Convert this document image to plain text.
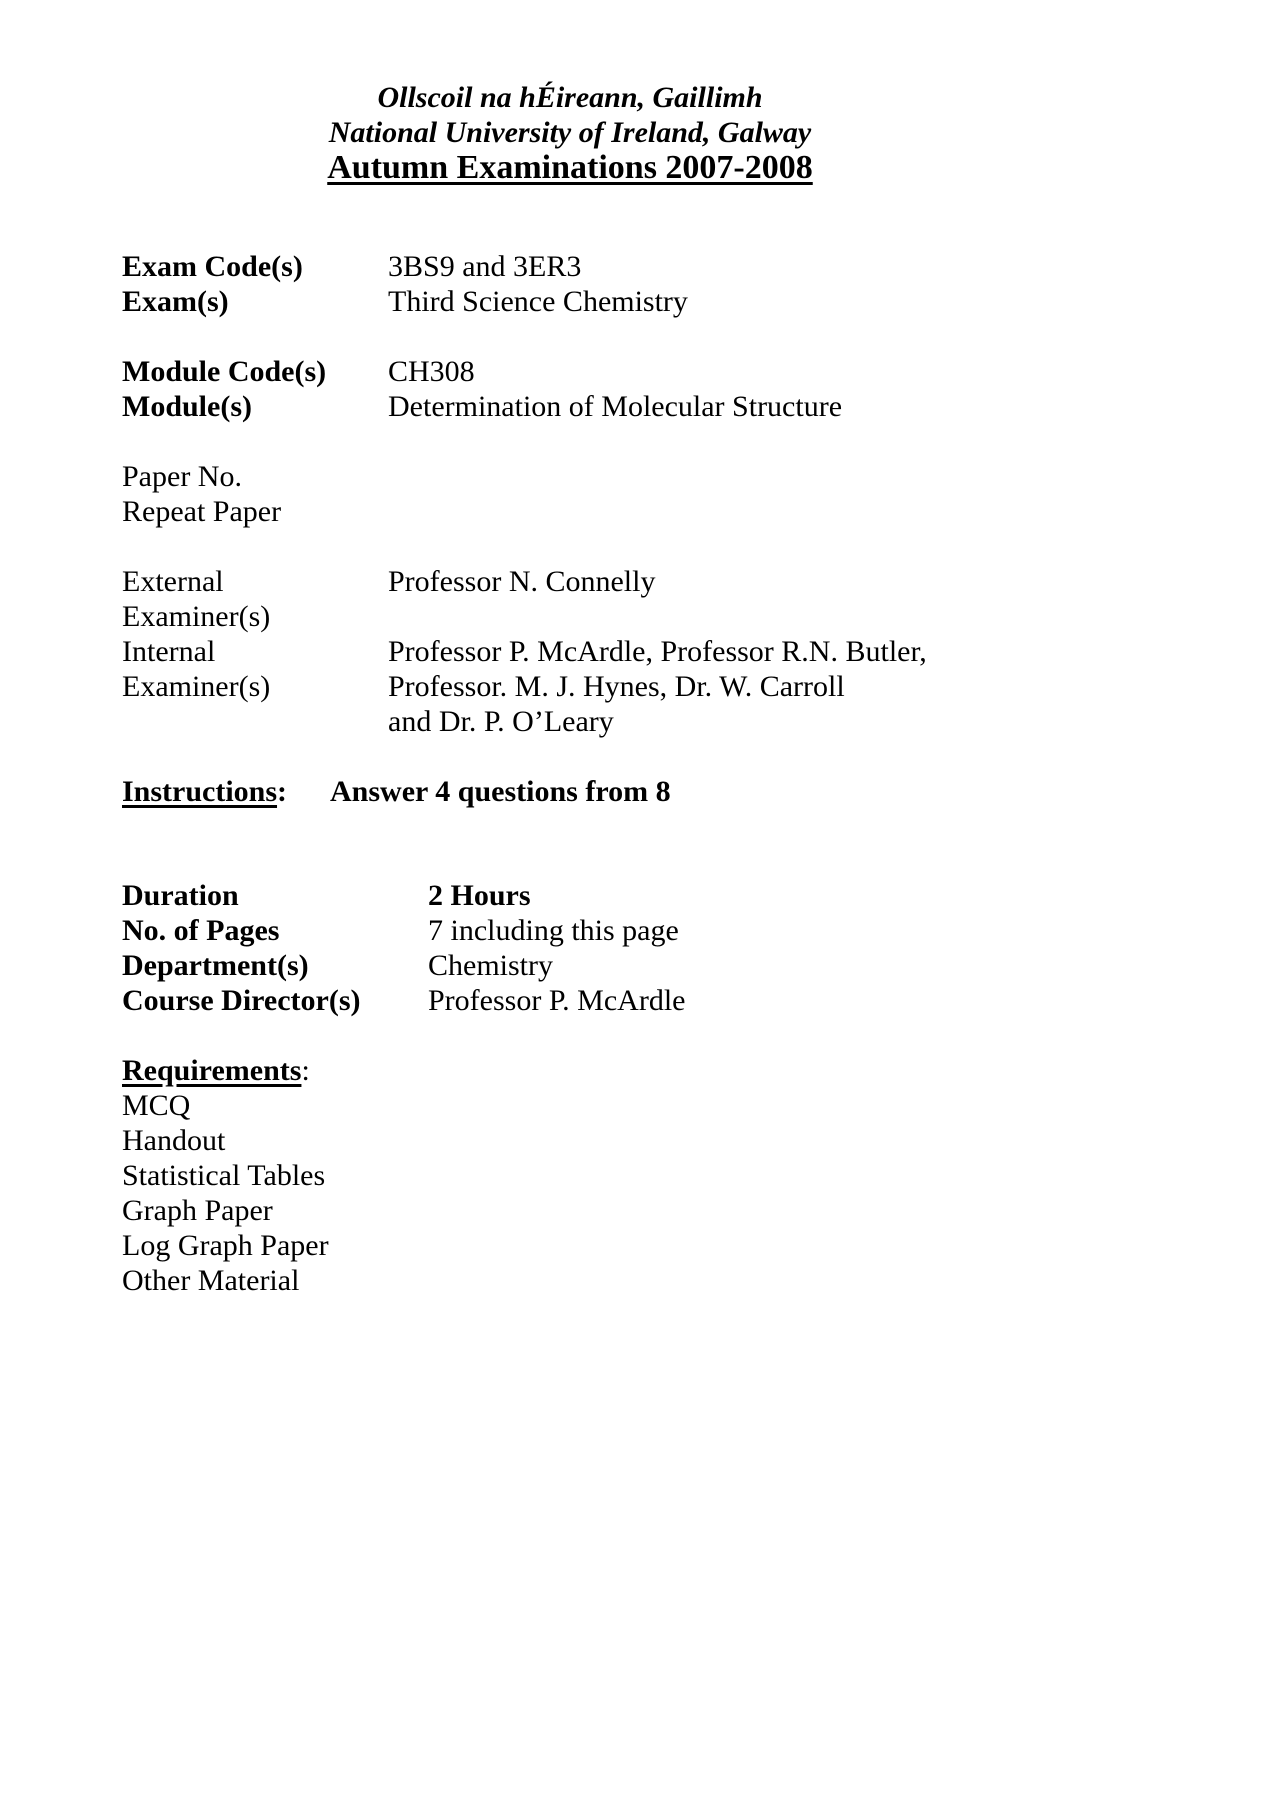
Ollscoil na hÉireann, Gaillimh
National University of Ireland, Galway
Autumn Examinations 2007-2008
Exam Code(s)	3BS9 and 3ER3
Exam(s)	Third Science Chemistry
Module Code(s) CH308
Module(s)	Determination of Molecular Structure
Paper No.
Repeat Paper
External	Professor N. Connelly
Examiner(s)
Internal	Professor P. McArdle, Professor R.N. Butler,
Examiner(s)	Professor. M. J. Hynes, Dr. W. Carroll
and Dr. P. O’Leary
Instructions: Answer 4 questions from 8
Duration	2 Hours
No. of Pages	7 including this page
Department(s)	Chemistry
Course Director(s) Professor P. McArdle
Requirements:
MCQ
Handout
Statistical Tables
Graph Paper
Log Graph Paper
Other Material
